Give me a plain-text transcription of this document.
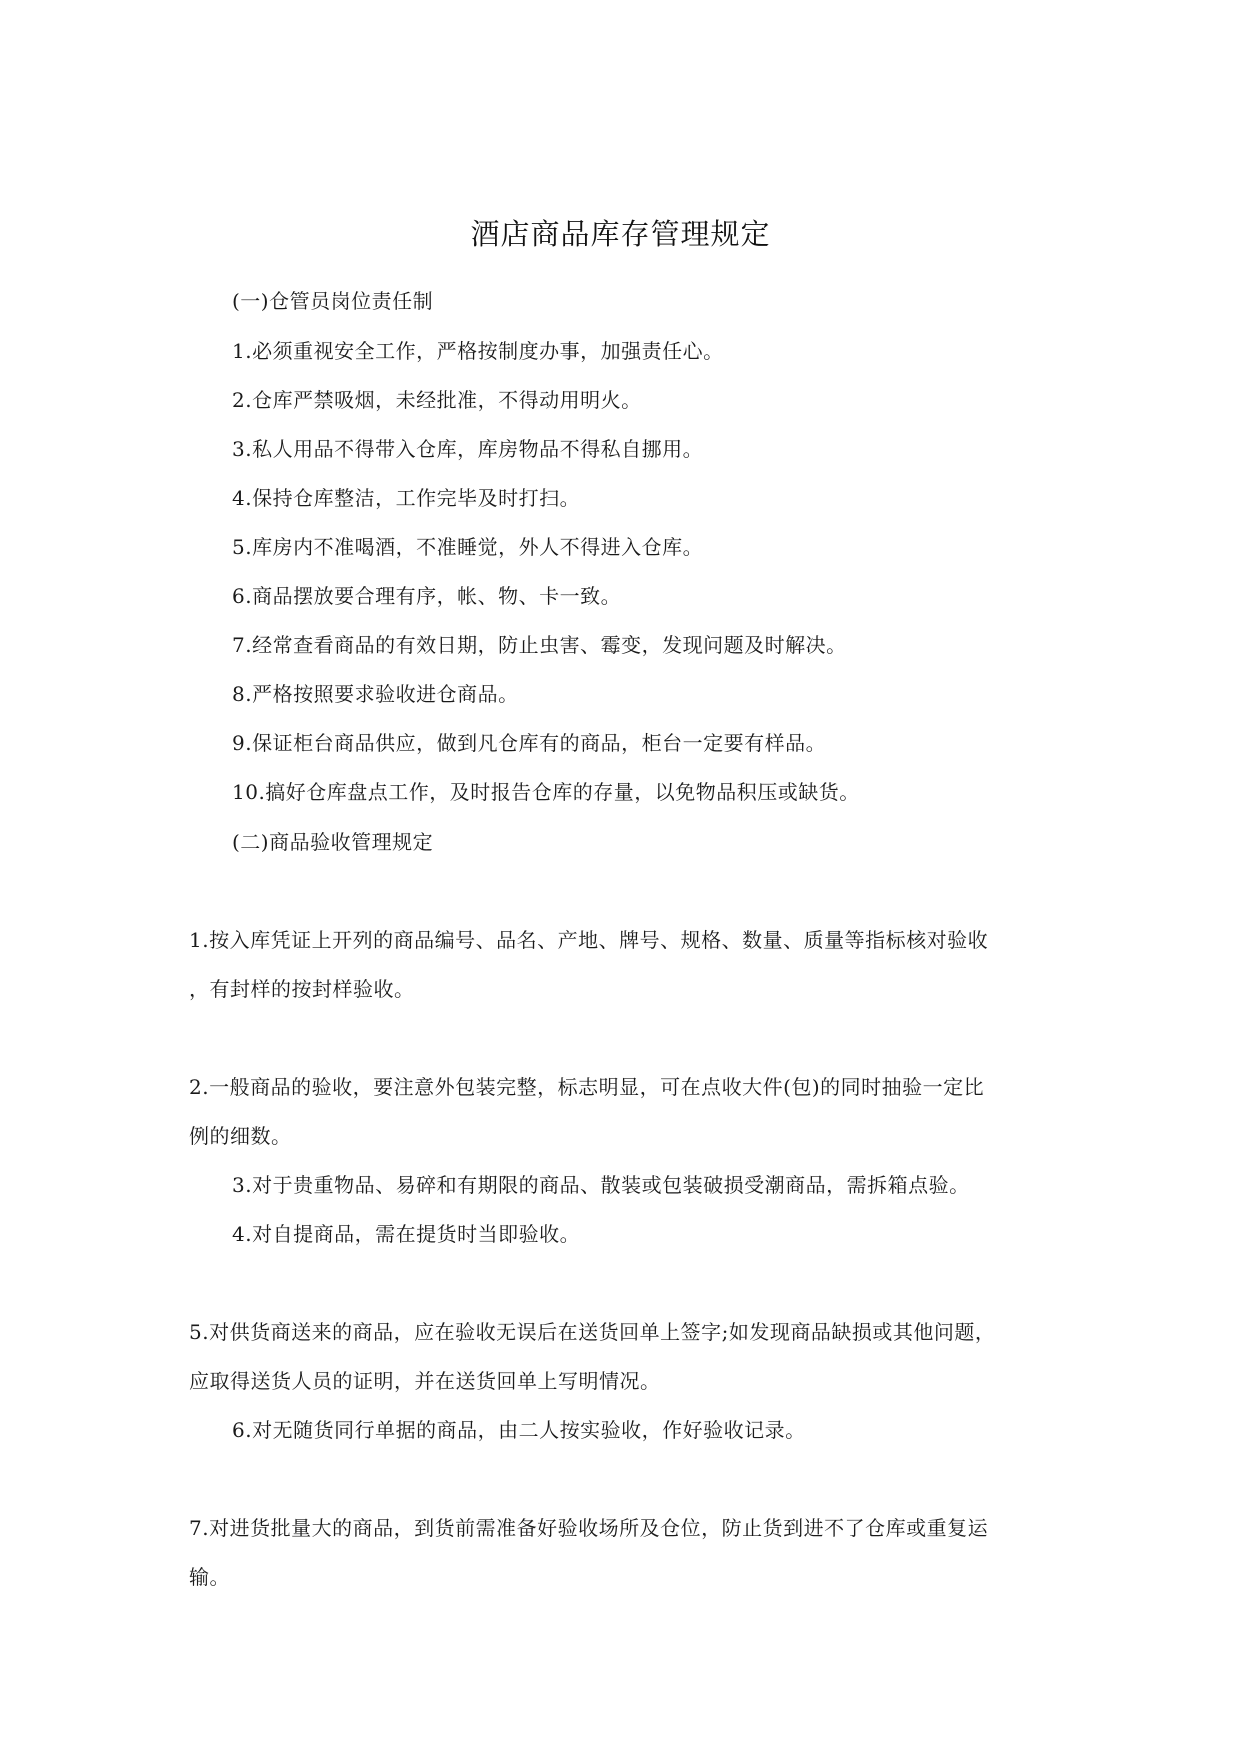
酒店商品库存管理规定
(一)仓管员岗位责任制
1.必须重视安全工作，严格按制度办事，加强责任心。
2.仓库严禁吸烟，未经批准，不得动用明火。
3.私人用品不得带入仓库，库房物品不得私自挪用。
4.保持仓库整洁，工作完毕及时打扫。
5.库房内不准喝酒，不准睡觉，外人不得进入仓库。
6.商品摆放要合理有序，帐、物、卡一致。
7.经常查看商品的有效日期，防止虫害、霉变，发现问题及时解决。
8.严格按照要求验收进仓商品。
9.保证柜台商品供应，做到凡仓库有的商品，柜台一定要有样品。
10.搞好仓库盘点工作，及时报告仓库的存量，以免物品积压或缺货。
(二)商品验收管理规定
1.按入库凭证上开列的商品编号、品名、产地、牌号、规格、数量、质量等指标核对验收
，有封样的按封样验收。
2.一般商品的验收，要注意外包装完整，标志明显，可在点收大件(包)的同时抽验一定比
例的细数。
3.对于贵重物品、易碎和有期限的商品、散装或包装破损受潮商品，需拆箱点验。
4.对自提商品，需在提货时当即验收。
5.对供货商送来的商品，应在验收无误后在送货回单上签字;如发现商品缺损或其他问题，
应取得送货人员的证明，并在送货回单上写明情况。
6.对无随货同行单据的商品，由二人按实验收，作好验收记录。
7.对进货批量大的商品，到货前需准备好验收场所及仓位，防止货到进不了仓库或重复运
输。
